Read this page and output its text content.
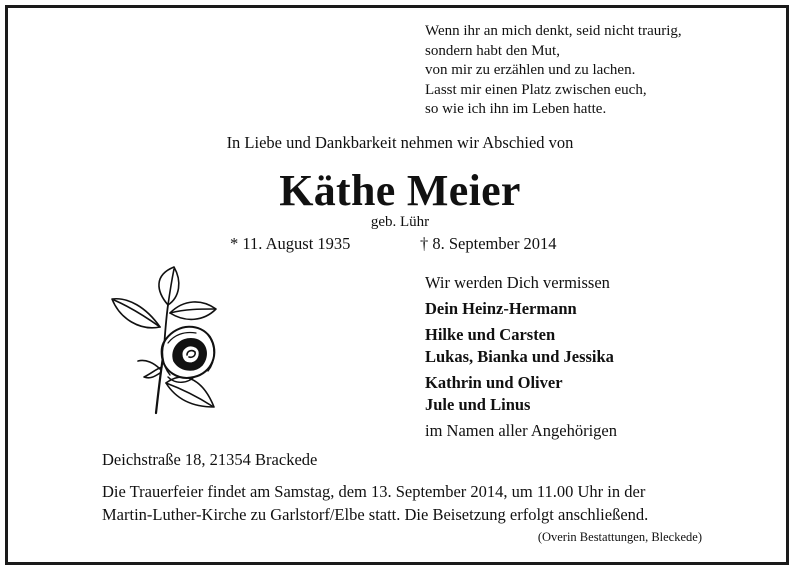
Wenn ihr an mich denkt, seid nicht traurig,
sondern habt den Mut,
von mir zu erzählen und zu lachen.
Lasst mir einen Platz zwischen euch,
so wie ich ihn im Leben hatte.
In Liebe und Dankbarkeit nehmen wir Abschied von
Käthe Meier
geb. Lühr
* 11. August 1935	† 8. September 2014
Wir werden Dich vermissen
Dein Heinz-Hermann
Hilke und Carsten
Lukas, Bianka und Jessika
Kathrin und Oliver
Jule und Linus
im Namen aller Angehörigen
Deichstraße 18, 21354 Brackede
Die Trauerfeier findet am Samstag, dem 13. September 2014, um 11.00 Uhr in der
Martin-Luther-Kirche zu Garlstorf/Elbe statt. Die Beisetzung erfolgt anschließend.
(Overin Bestattungen, Bleckede)
